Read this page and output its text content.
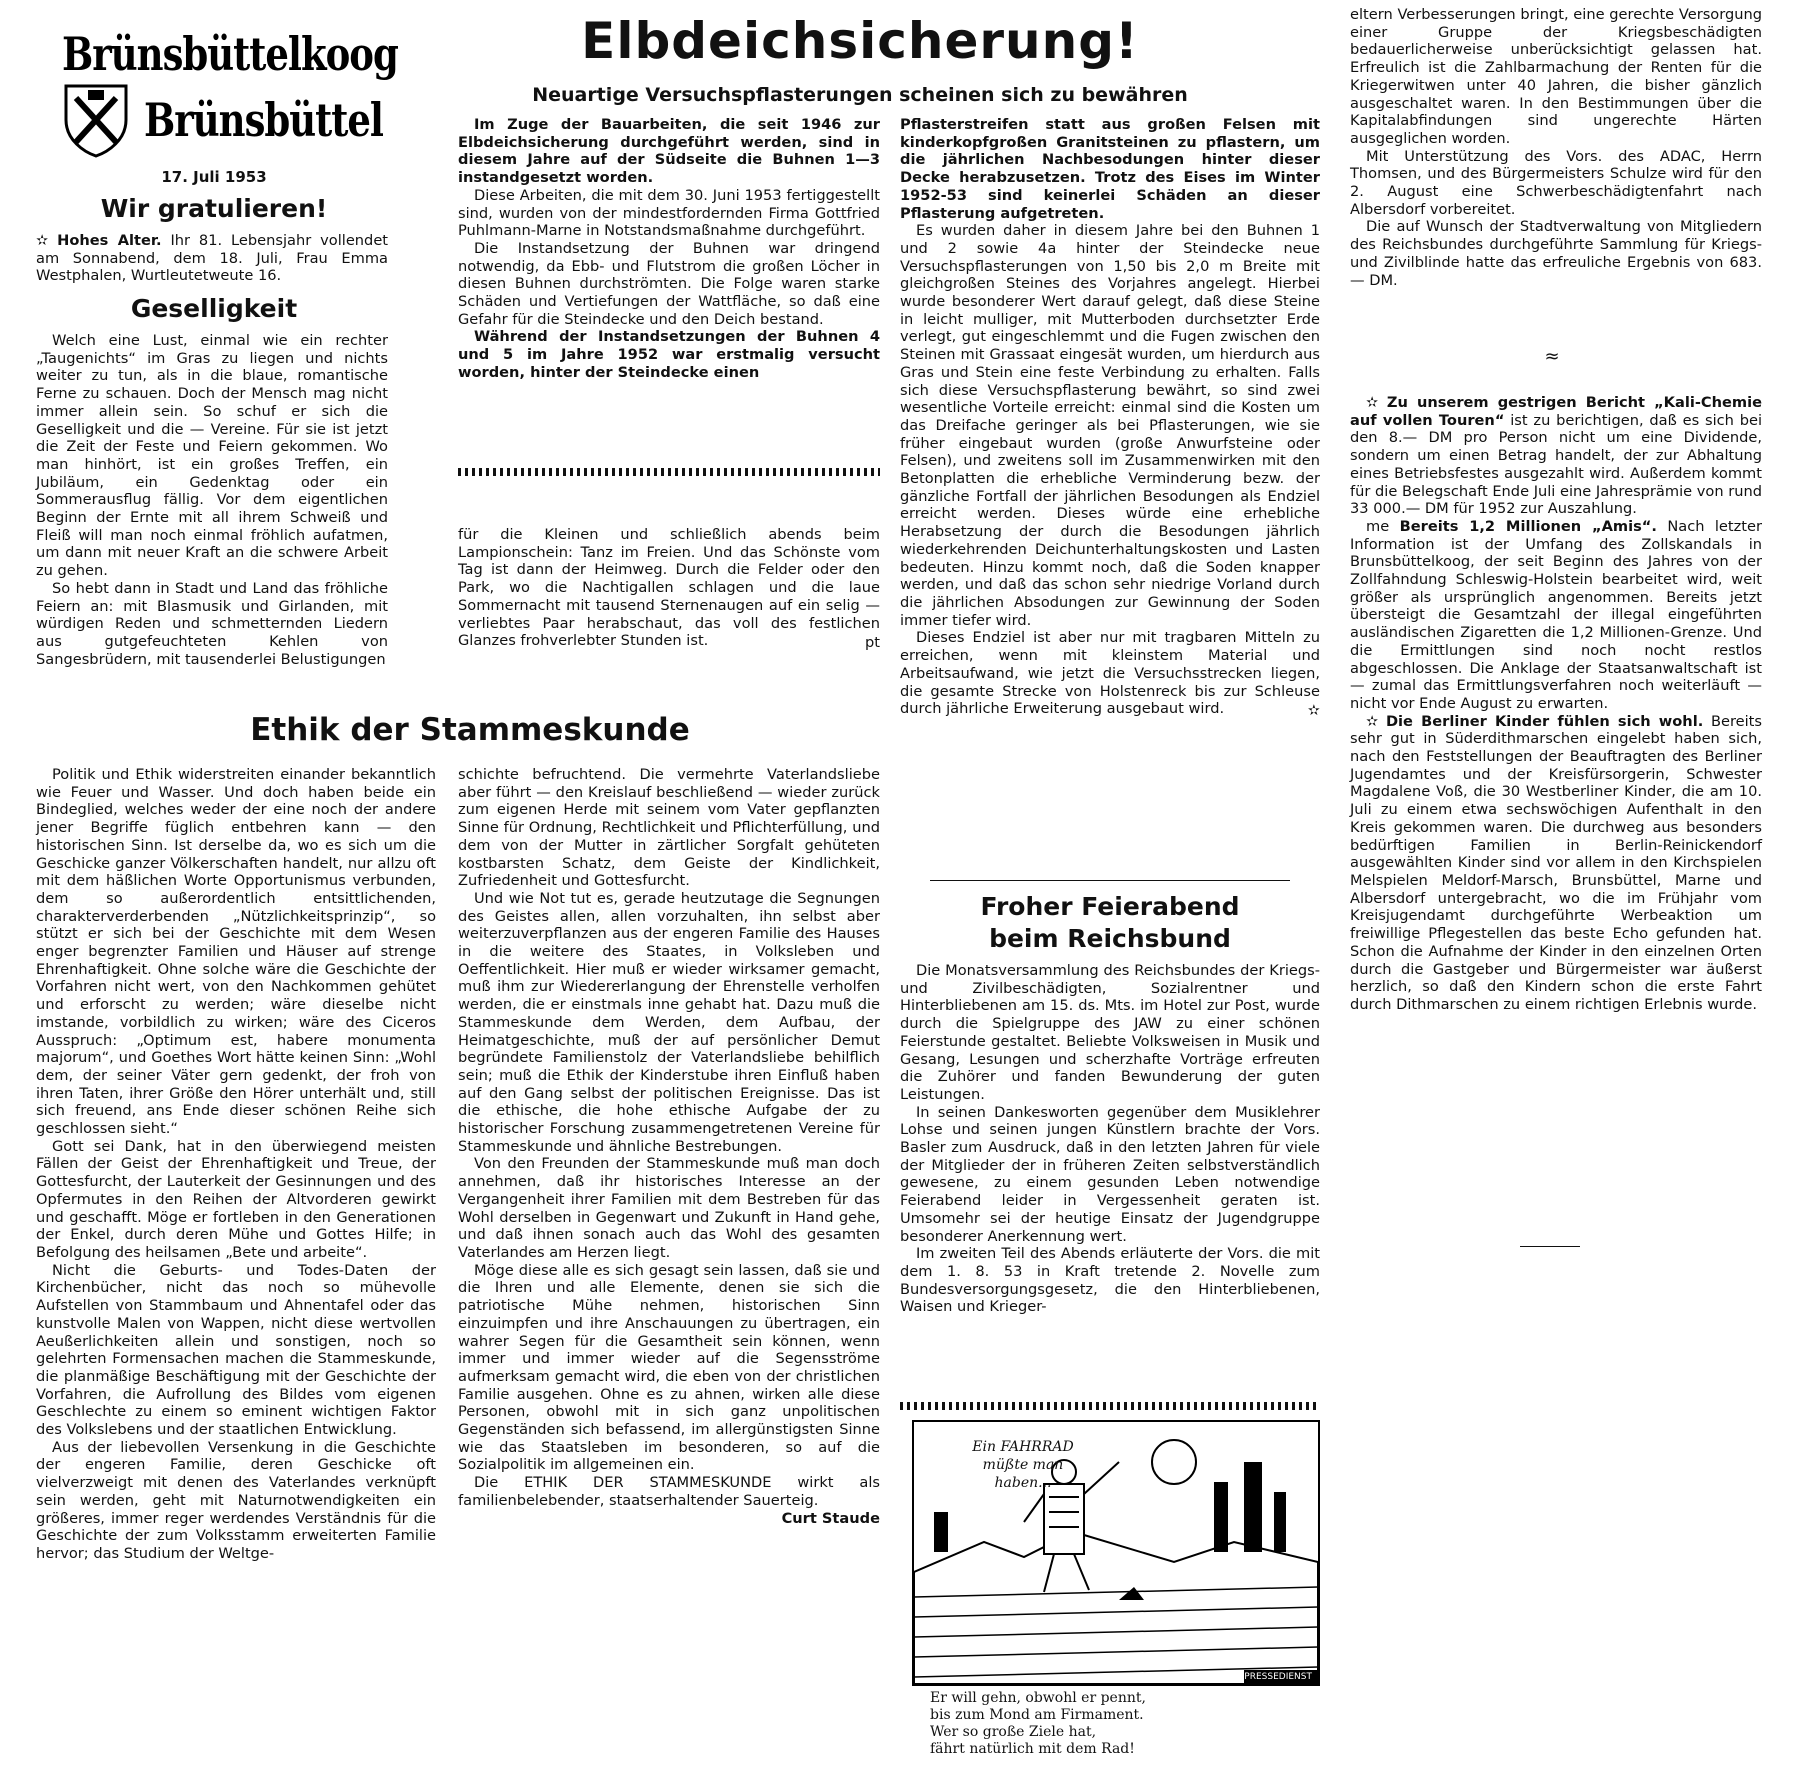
Brünsbüttelkoog
Brünsbüttel
17. Juli 1953
Wir gratulieren!

✫ Hohes Alter. Ihr 81. Lebensjahr vollendet am Sonnabend, dem 18. Juli, Frau Emma Westphalen, Wurtleutetweute 16.

Geselligkeit

Welch eine Lust, einmal wie ein rechter „Taugenichts“ im Gras zu liegen und nichts weiter zu tun, als in die blaue, romantische Ferne zu schauen. Doch der Mensch mag nicht immer allein sein. So schuf er sich die Geselligkeit und die — Vereine. Für sie ist jetzt die Zeit der Feste und Feiern gekommen. Wo man hinhört, ist ein großes Treffen, ein Jubiläum, ein Gedenktag oder ein Sommerausflug fällig. Vor dem eigentlichen Beginn der Ernte mit all ihrem Schweiß und Fleiß will man noch einmal fröhlich aufatmen, um dann mit neuer Kraft an die schwere Arbeit zu gehen.

So hebt dann in Stadt und Land das fröhliche Feiern an: mit Blasmusik und Girlanden, mit würdigen Reden und schmetternden Liedern aus gutgefeuchteten Kehlen von Sangesbrüdern, mit tausenderlei Belustigungen

für die Kleinen und schließlich abends beim Lampionschein: Tanz im Freien. Und das Schönste vom Tag ist dann der Heimweg. Durch die Felder oder den Park, wo die Nachtigallen schlagen und die laue Sommernacht mit tausend Sternenaugen auf ein selig — verliebtes Paar herabschaut, das voll des festlichen Glanzes frohverlebter Stunden ist.	pt
Elbdeichsicherung!
Neuartige Versuchspflasterungen scheinen sich zu bewähren

Im Zuge der Bauarbeiten, die seit 1946 zur Elbdeichsicherung durchgeführt werden, sind in diesem Jahre auf der Südseite die Buhnen 1—3 instandgesetzt worden.

Diese Arbeiten, die mit dem 30. Juni 1953 fertiggestellt sind, wurden von der mindestfordernden Firma Gottfried Puhlmann-Marne in Notstandsmaßnahme durchgeführt.

Die Instandsetzung der Buhnen war dringend notwendig, da Ebb- und Flutstrom die großen Löcher in diesen Buhnen durchströmten. Die Folge waren starke Schäden und Vertiefungen der Wattfläche, so daß eine Gefahr für die Steindecke und den Deich bestand.

Während der Instandsetzungen der Buhnen 4 und 5 im Jahre 1952 war erstmalig versucht worden, hinter der Steindecke einen

Pflasterstreifen statt aus großen Felsen mit kinderkopfgroßen Granitsteinen zu pflastern, um die jährlichen Nachbesodungen hinter dieser Decke herabzusetzen. Trotz des Eises im Winter 1952-53 sind keinerlei Schäden an dieser Pflasterung aufgetreten.

Es wurden daher in diesem Jahre bei den Buhnen 1 und 2 sowie 4a hinter der Steindecke neue Versuchspflasterungen von 1,50 bis 2,0 m Breite mit gleichgroßen Steines des Vorjahres angelegt. Hierbei wurde besonderer Wert darauf gelegt, daß diese Steine in leicht mulliger, mit Mutterboden durchsetzter Erde verlegt, gut eingeschlemmt und die Fugen zwischen den Steinen mit Grassaat eingesät wurden, um hierdurch aus Gras und Stein eine feste Verbindung zu erhalten. Falls sich diese Versuchspflasterung bewährt, so sind zwei wesentliche Vorteile erreicht: einmal sind die Kosten um das Dreifache geringer als bei Pflasterungen, wie sie früher eingebaut wurden (große Anwurfsteine oder Felsen), und zweitens soll im Zusammenwirken mit den Betonplatten die erhebliche Verminderung bezw. der gänzliche Fortfall der jährlichen Besodungen als Endziel erreicht werden. Dieses würde eine erhebliche Herabsetzung der durch die Besodungen jährlich wiederkehrenden Deichunterhaltungskosten und Lasten bedeuten. Hinzu kommt noch, daß die Soden knapper werden, und daß das schon sehr niedrige Vorland durch die jährlichen Absodungen zur Gewinnung der Soden immer tiefer wird.

Dieses Endziel ist aber nur mit tragbaren Mitteln zu erreichen, wenn mit kleinstem Material und Arbeitsaufwand, wie jetzt die Versuchsstrecken liegen, die gesamte Strecke von Holstenreck bis zur Schleuse durch jährliche Erweiterung ausgebaut wird.	✫
Ethik der Stammeskunde

Politik und Ethik widerstreiten einander bekanntlich wie Feuer und Wasser. Und doch haben beide ein Bindeglied, welches weder der eine noch der andere jener Begriffe füglich entbehren kann — den historischen Sinn. Ist derselbe da, wo es sich um die Geschicke ganzer Völkerschaften handelt, nur allzu oft mit dem häßlichen Worte Opportunismus verbunden, dem so außerordentlich entsittlichenden, charakterverderbenden „Nützlichkeitsprinzip“, so stützt er sich bei der Geschichte mit dem Wesen enger begrenzter Familien und Häuser auf strenge Ehrenhaftigkeit. Ohne solche wäre die Geschichte der Vorfahren nicht wert, von den Nachkommen gehütet und erforscht zu werden; wäre dieselbe nicht imstande, vorbildlich zu wirken; wäre des Ciceros Ausspruch: „Optimum est, habere monumenta majorum“, und Goethes Wort hätte keinen Sinn: „Wohl dem, der seiner Väter gern gedenkt, der froh von ihren Taten, ihrer Größe den Hörer unterhält und, still sich freuend, ans Ende dieser schönen Reihe sich geschlossen sieht.“

Gott sei Dank, hat in den überwiegend meisten Fällen der Geist der Ehrenhaftigkeit und Treue, der Gottesfurcht, der Lauterkeit der Gesinnungen und des Opfermutes in den Reihen der Altvorderen gewirkt und geschafft. Möge er fortleben in den Generationen der Enkel, durch deren Mühe und Gottes Hilfe; in Befolgung des heilsamen „Bete und arbeite“.

Nicht die Geburts- und Todes-Daten der Kirchenbücher, nicht das noch so mühevolle Aufstellen von Stammbaum und Ahnentafel oder das kunstvolle Malen von Wappen, nicht diese wertvollen Aeußerlichkeiten allein und sonstigen, noch so gelehrten Formensachen machen die Stammeskunde, die planmäßige Beschäftigung mit der Geschichte der Vorfahren, die Aufrollung des Bildes vom eigenen Geschlechte zu einem so eminent wichtigen Faktor des Volkslebens und der staatlichen Entwicklung.

Aus der liebevollen Versenkung in die Geschichte der engeren Familie, deren Geschicke oft vielverzweigt mit denen des Vaterlandes verknüpft sein werden, geht mit Naturnotwendigkeiten ein größeres, immer reger werdendes Verständnis für die Geschichte der zum Volksstamm erweiterten Familie hervor; das Studium der Weltge-

schichte befruchtend. Die vermehrte Vaterlandsliebe aber führt — den Kreislauf beschließend — wieder zurück zum eigenen Herde mit seinem vom Vater gepflanzten Sinne für Ordnung, Rechtlichkeit und Pflichterfüllung, und dem von der Mutter in zärtlicher Sorgfalt gehüteten kostbarsten Schatz, dem Geiste der Kindlichkeit, Zufriedenheit und Gottesfurcht.

Und wie Not tut es, gerade heutzutage die Segnungen des Geistes allen, allen vorzuhalten, ihn selbst aber weiterzuverpflanzen aus der engeren Familie des Hauses in die weitere des Staates, in Volksleben und Oeffentlichkeit. Hier muß er wieder wirksamer gemacht, muß ihm zur Wiedererlangung der Ehrenstelle verholfen werden, die er einstmals inne gehabt hat. Dazu muß die Stammeskunde dem Werden, dem Aufbau, der Heimatgeschichte, muß der auf persönlicher Demut begründete Familienstolz der Vaterlandsliebe behilflich sein; muß die Ethik der Kinderstube ihren Einfluß haben auf den Gang selbst der politischen Ereignisse. Das ist die ethische, die hohe ethische Aufgabe der zu historischer Forschung zusammengetretenen Vereine für Stammeskunde und ähnliche Bestrebungen.

Von den Freunden der Stammeskunde muß man doch annehmen, daß ihr historisches Interesse an der Vergangenheit ihrer Familien mit dem Bestreben für das Wohl derselben in Gegenwart und Zukunft in Hand gehe, und daß ihnen sonach auch das Wohl des gesamten Vaterlandes am Herzen liegt.

Möge diese alle es sich gesagt sein lassen, daß sie und die Ihren und alle Elemente, denen sie sich die patriotische Mühe nehmen, historischen Sinn einzuimpfen und ihre Anschauungen zu übertragen, ein wahrer Segen für die Gesamtheit sein können, wenn immer und immer wieder auf die Segensströme aufmerksam gemacht wird, die eben von der christlichen Familie ausgehen. Ohne es zu ahnen, wirken alle diese Personen, obwohl mit in sich ganz unpolitischen Gegenständen sich befassend, im allergünstigsten Sinne wie das Staatsleben im besonderen, so auf die Sozialpolitik im allgemeinen ein.

Die ETHIK DER STAMMESKUNDE wirkt als familienbelebender, staatserhaltender Sauerteig.

Curt Staude
Froher Feierabend
beim Reichsbund

Die Monatsversammlung des Reichsbundes der Kriegs- und Zivilbeschädigten, Sozialrentner und Hinterbliebenen am 15. ds. Mts. im Hotel zur Post, wurde durch die Spielgruppe des JAW zu einer schönen Feierstunde gestaltet. Beliebte Volksweisen in Musik und Gesang, Lesungen und scherzhafte Vorträge erfreuten die Zuhörer und fanden Bewunderung der guten Leistungen.

In seinen Dankesworten gegenüber dem Musiklehrer Lohse und seinen jungen Künstlern brachte der Vors. Basler zum Ausdruck, daß in den letzten Jahren für viele der Mitglieder der in früheren Zeiten selbstverständlich gewesene, zu einem gesunden Leben notwendige Feierabend leider in Vergessenheit geraten ist. Umsomehr sei der heutige Einsatz der Jugendgruppe besonderer Anerkennung wert.

Im zweiten Teil des Abends erläuterte der Vors. die mit dem 1. 8. 53 in Kraft tretende 2. Novelle zum Bundesversorgungsgesetz, die den Hinterbliebenen, Waisen und Krieger-

Ein FAHRRAD müßte man haben...
DUNLOP-PRESSEDIENST
Er will gehn, obwohl er pennt,
bis zum Mond am Firmament.
Wer so große Ziele hat,
fährt natürlich mit dem Rad!

eltern Verbesserungen bringt, eine gerechte Versorgung einer Gruppe der Kriegsbeschädigten bedauerlicherweise unberücksichtigt gelassen hat. Erfreulich ist die Zahlbarmachung der Renten für die Kriegerwitwen unter 40 Jahren, die bisher gänzlich ausgeschaltet waren. In den Bestimmungen über die Kapitalabfindungen sind ungerechte Härten ausgeglichen worden.

Mit Unterstützung des Vors. des ADAC, Herrn Thomsen, und des Bürgermeisters Schulze wird für den 2. August eine Schwerbeschädigtenfahrt nach Albersdorf vorbereitet.

Die auf Wunsch der Stadtverwaltung von Mitgliedern des Reichsbundes durchgeführte Sammlung für Kriegs- und Zivilblinde hatte das erfreuliche Ergebnis von 683.— DM.

≈

✫ Zu unserem gestrigen Bericht „Kali-Chemie auf vollen Touren“ ist zu berichtigen, daß es sich bei den 8.— DM pro Person nicht um eine Dividende, sondern um einen Betrag handelt, der zur Abhaltung eines Betriebsfestes ausgezahlt wird. Außerdem kommt für die Belegschaft Ende Juli eine Jahresprämie von rund 33 000.— DM für 1952 zur Auszahlung.

me Bereits 1,2 Millionen „Amis“. Nach letzter Information ist der Umfang des Zollskandals in Brunsbüttelkoog, der seit Beginn des Jahres von der Zollfahndung Schleswig-Holstein bearbeitet wird, weit größer als ursprünglich angenommen. Bereits jetzt übersteigt die Gesamtzahl der illegal eingeführten ausländischen Zigaretten die 1,2 Millionen-Grenze. Und die Ermittlungen sind noch nocht restlos abgeschlossen. Die Anklage der Staatsanwaltschaft ist — zumal das Ermittlungsverfahren noch weiterläuft — nicht vor Ende August zu erwarten.

✫ Die Berliner Kinder fühlen sich wohl. Bereits sehr gut in Süderdithmarschen eingelebt haben sich, nach den Feststellungen der Beauftragten des Berliner Jugendamtes und der Kreisfürsorgerin, Schwester Magdalene Voß, die 30 Westberliner Kinder, die am 10. Juli zu einem etwa sechswöchigen Aufenthalt in den Kreis gekommen waren. Die durchweg aus besonders bedürftigen Familien in Berlin-Reinickendorf ausgewählten Kinder sind vor allem in den Kirchspielen Melspielen Meldorf-Marsch, Brunsbüttel, Marne und Albersdorf untergebracht, wo die im Frühjahr vom Kreisjugendamt durchgeführte Werbeaktion um freiwillige Pflegestellen das beste Echo gefunden hat. Schon die Aufnahme der Kinder in den einzelnen Orten durch die Gastgeber und Bürgermeister war äußerst herzlich, so daß den Kindern schon die erste Fahrt durch Dithmarschen zu einem richtigen Erlebnis wurde.
